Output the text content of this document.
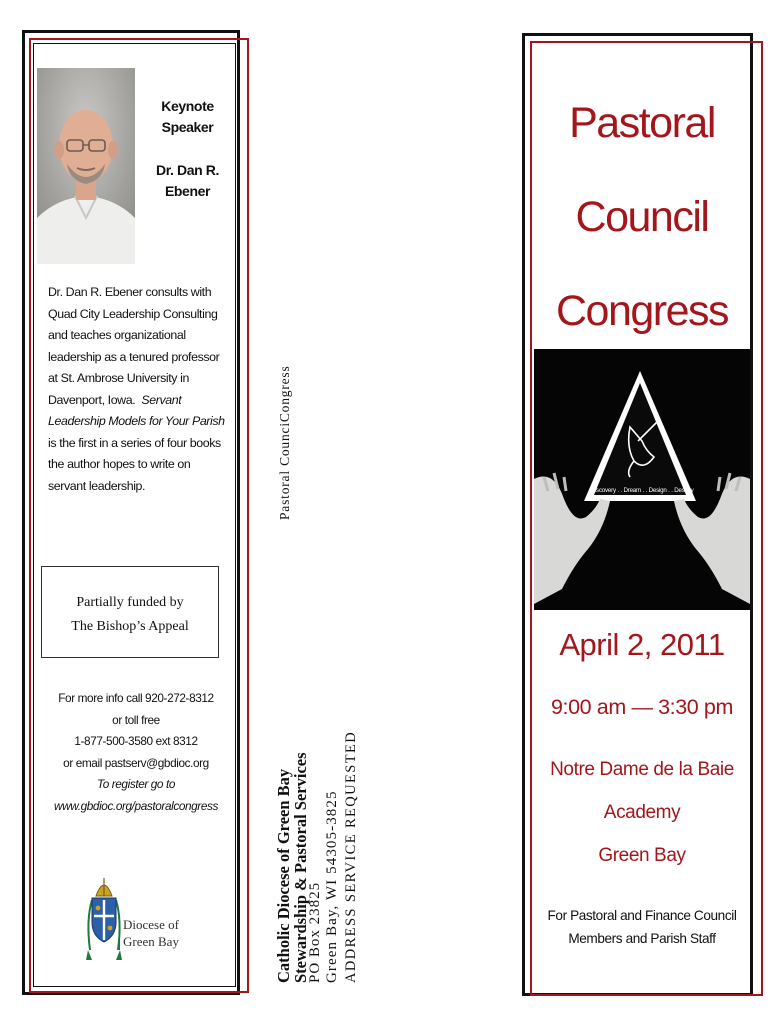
Keynote
Speaker
Dr. Dan R.
Ebener
Dr. Dan R. Ebener consults with
Quad City Leadership Consulting
and teaches organizational
leadership as a tenured professor
at St. Ambrose University in
Davenport, Iowa. Servant
Leadership Models for Your Parish
is the first in a series of four books
the author hopes to write on
servant leadership.
Partially funded by
The Bishop’s Appeal
For more info call 920-272-8312
or toll free
1-877-500-3580 ext 8312
or email pastserv@gbdioc.org
To register go to
www.gbdioc.org/pastoralcongress
Diocese of
Green Bay
Pastoral CounciCongress
Catholic Diocese of Green Bay
Stewardship & Pastoral Services
PO Box 23825 Green Bay, WI 54305-3825 ADDRESS SERVICE REQUESTED
Pastoral
Council
Congress
Discovery . . Dream . . Design . . Destiny
April 2, 2011
9:00 am — 3:30 pm
Notre Dame de la Baie
Academy
Green Bay
For Pastoral and Finance Council
Members and Parish Staff
